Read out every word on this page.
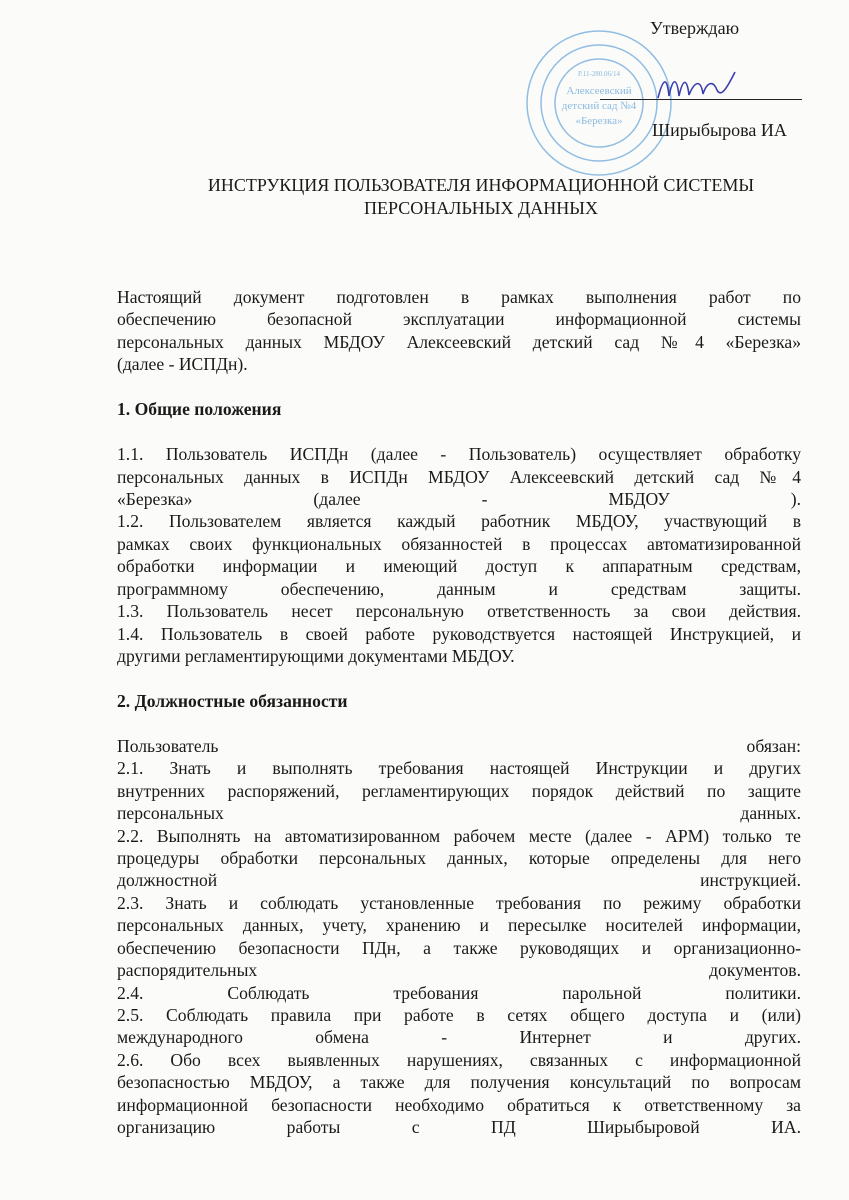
Р.11-280.06/14
Алексеевский
детский сад №4
«Березка»
Утверждаю
Ширыбырова ИА
ИНСТРУКЦИЯ ПОЛЬЗОВАТЕЛЯ ИНФОРМАЦИОННОЙ СИСТЕМЫ
ПЕРСОНАЛЬНЫХ ДАННЫХ
Настоящий документ подготовлен в рамках выполнения работ по
обеспечению безопасной эксплуатации информационной системы
персональных данных МБДОУ Алексеевский детский сад №4 «Березка»
(далее - ИСПДн).
1. Общие положения
1.1. Пользователь ИСПДн (далее - Пользователь) осуществляет обработку
персональных данных в ИСПДн МБДОУ Алексеевский детский сад №4
«Березка» (далее - МБДОУ ).
1.2. Пользователем является каждый работник МБДОУ, участвующий в
рамках своих функциональных обязанностей в процессах автоматизированной
обработки информации и имеющий доступ к аппаратным средствам,
программному обеспечению, данным и средствам защиты.
1.3. Пользователь несет персональную ответственность за свои действия.
1.4. Пользователь в своей работе руководствуется настоящей Инструкцией, и
другими регламентирующими документами МБДОУ.
2. Должностные обязанности
Пользователь обязан:
2.1. Знать и выполнять требования настоящей Инструкции и других
внутренних распоряжений, регламентирующих порядок действий по защите
персональных данных.
2.2. Выполнять на автоматизированном рабочем месте (далее - АРМ) только те
процедуры обработки персональных данных, которые определены для него
должностной инструкцией.
2.3. Знать и соблюдать установленные требования по режиму обработки
персональных данных, учету, хранению и пересылке носителей информации,
обеспечению безопасности ПДн, а также руководящих и организационно-
распорядительных документов.
2.4. Соблюдать требования парольной политики.
2.5. Соблюдать правила при работе в сетях общего доступа и (или)
международного обмена - Интернет и других.
2.6. Обо всех выявленных нарушениях, связанных с информационной
безопасностью МБДОУ, а также для получения консультаций по вопросам
информационной безопасности необходимо обратиться к ответственному за
организацию работы с ПД Ширыбыровой ИА.
